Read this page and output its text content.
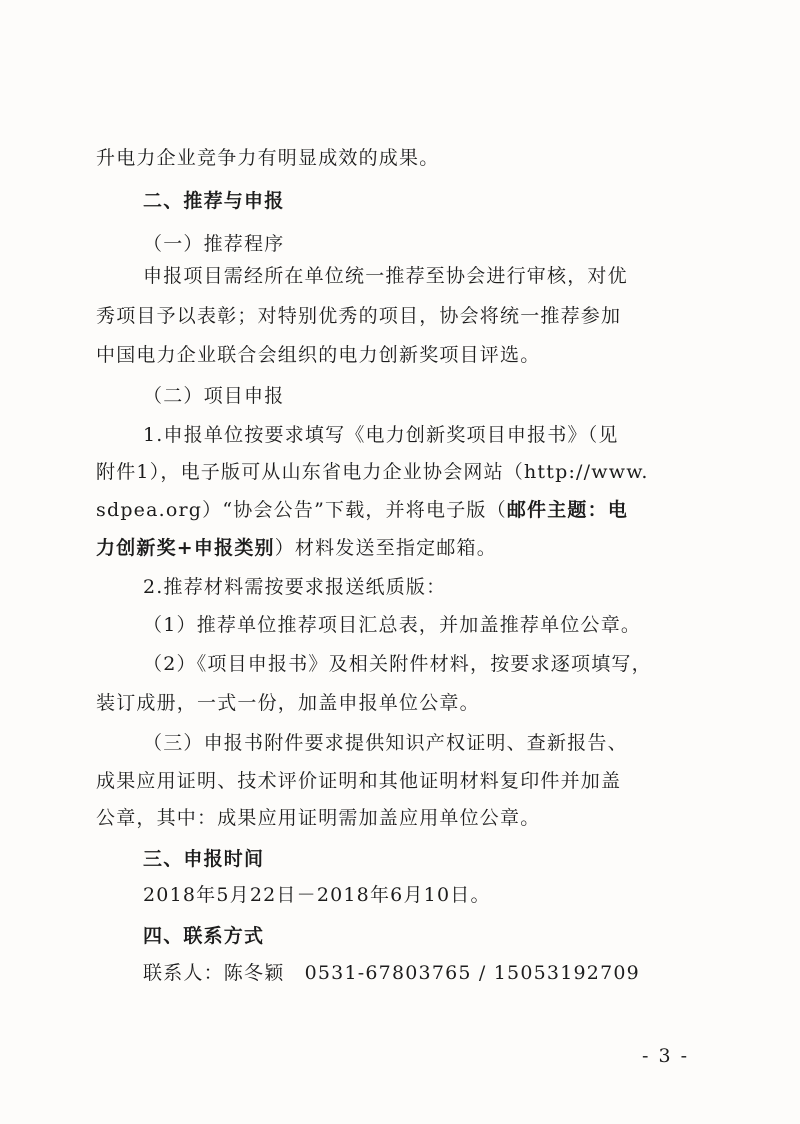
升电力企业竞争力有明显成效的成果。
二、推荐与申报
（一）推荐程序
申报项目需经所在单位统一推荐至协会进行审核，对优
秀项目予以表彰；对特别优秀的项目，协会将统一推荐参加
中国电力企业联合会组织的电力创新奖项目评选。
（二）项目申报
1.申报单位按要求填写《电力创新奖项目申报书》（见
附件1），电子版可从山东省电力企业协会网站（http://www.
sdpea.org）“协会公告”下载，并将电子版（邮件主题：电
力创新奖+申报类别）材料发送至指定邮箱。
2.推荐材料需按要求报送纸质版：
（1）推荐单位推荐项目汇总表，并加盖推荐单位公章。
（2）《项目申报书》及相关附件材料，按要求逐项填写，
装订成册，一式一份，加盖申报单位公章。
（三）申报书附件要求提供知识产权证明、查新报告、
成果应用证明、技术评价证明和其他证明材料复印件并加盖
公章，其中：成果应用证明需加盖应用单位公章。
三、申报时间
2018年5月22日－2018年6月10日。
四、联系方式
联系人：陈冬颖　0531-67803765 / 15053192709
- 3 -
